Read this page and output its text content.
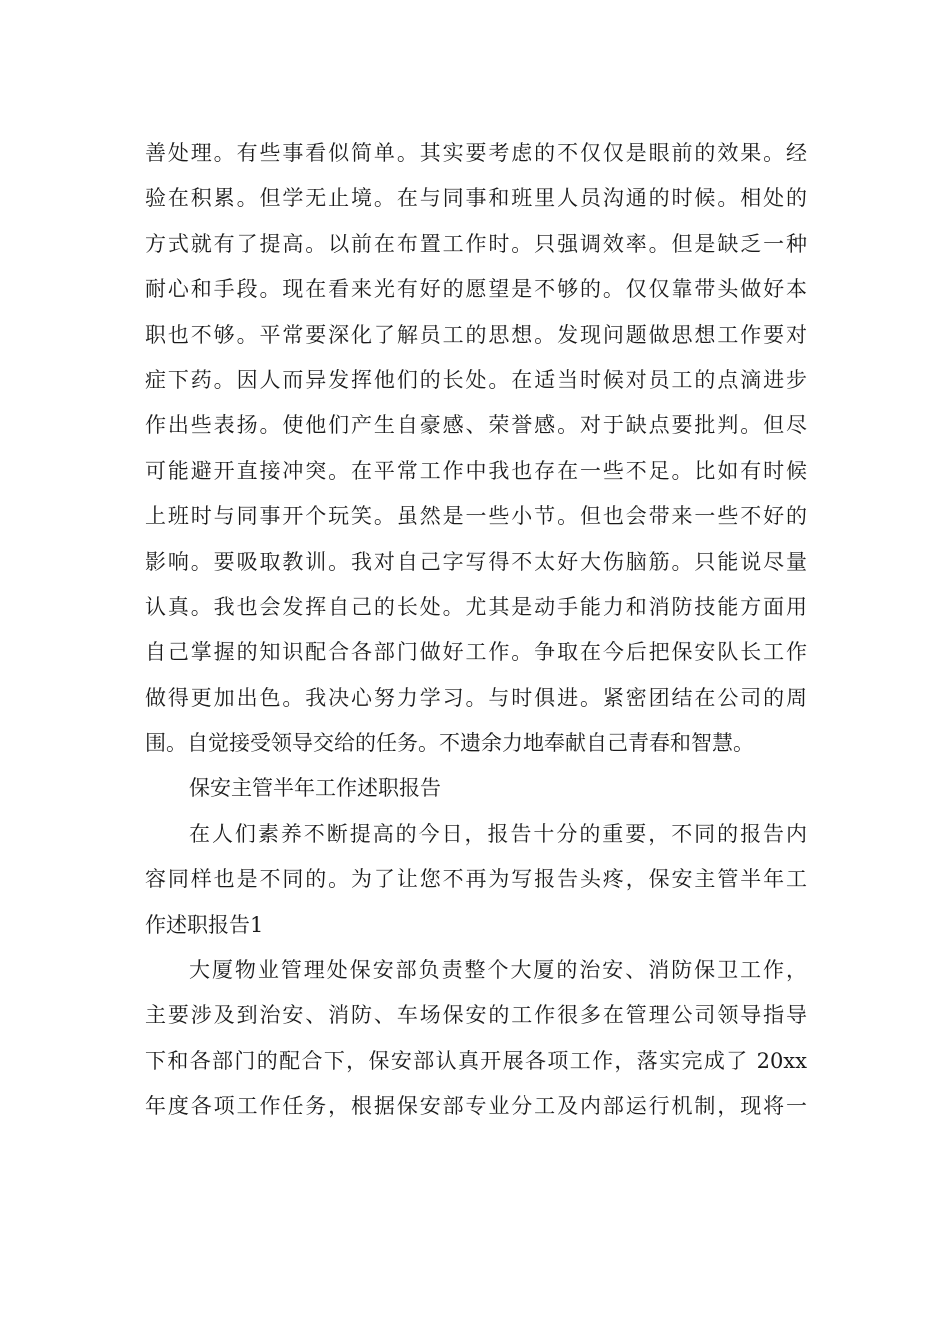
善处理。有些事看似简单。其实要考虑的不仅仅是眼前的效果。经
验在积累。但学无止境。在与同事和班里人员沟通的时候。相处的
方式就有了提高。以前在布置工作时。只强调效率。但是缺乏一种
耐心和手段。现在看来光有好的愿望是不够的。仅仅靠带头做好本
职也不够。平常要深化了解员工的思想。发现问题做思想工作要对
症下药。因人而异发挥他们的长处。在适当时候对员工的点滴进步
作出些表扬。使他们产生自豪感、荣誉感。对于缺点要批判。但尽
可能避开直接冲突。在平常工作中我也存在一些不足。比如有时候
上班时与同事开个玩笑。虽然是一些小节。但也会带来一些不好的
影响。要吸取教训。我对自己字写得不太好大伤脑筋。只能说尽量
认真。我也会发挥自己的长处。尤其是动手能力和消防技能方面用
自己掌握的知识配合各部门做好工作。争取在今后把保安队长工作
做得更加出色。我决心努力学习。与时俱进。紧密团结在公司的周
围。自觉接受领导交给的任务。不遗余力地奉献自己青春和智慧。
保安主管半年工作述职报告
在人们素养不断提高的今日，报告十分的重要，不同的报告内
容同样也是不同的。为了让您不再为写报告头疼，保安主管半年工
作述职报告1
大厦物业管理处保安部负责整个大厦的治安、消防保卫工作，
主要涉及到治安、消防、车场保安的工作很多在管理公司领导指导
下和各部门的配合下，保安部认真开展各项工作，落实完成了 20xx
年度各项工作任务，根据保安部专业分工及内部运行机制，现将一
